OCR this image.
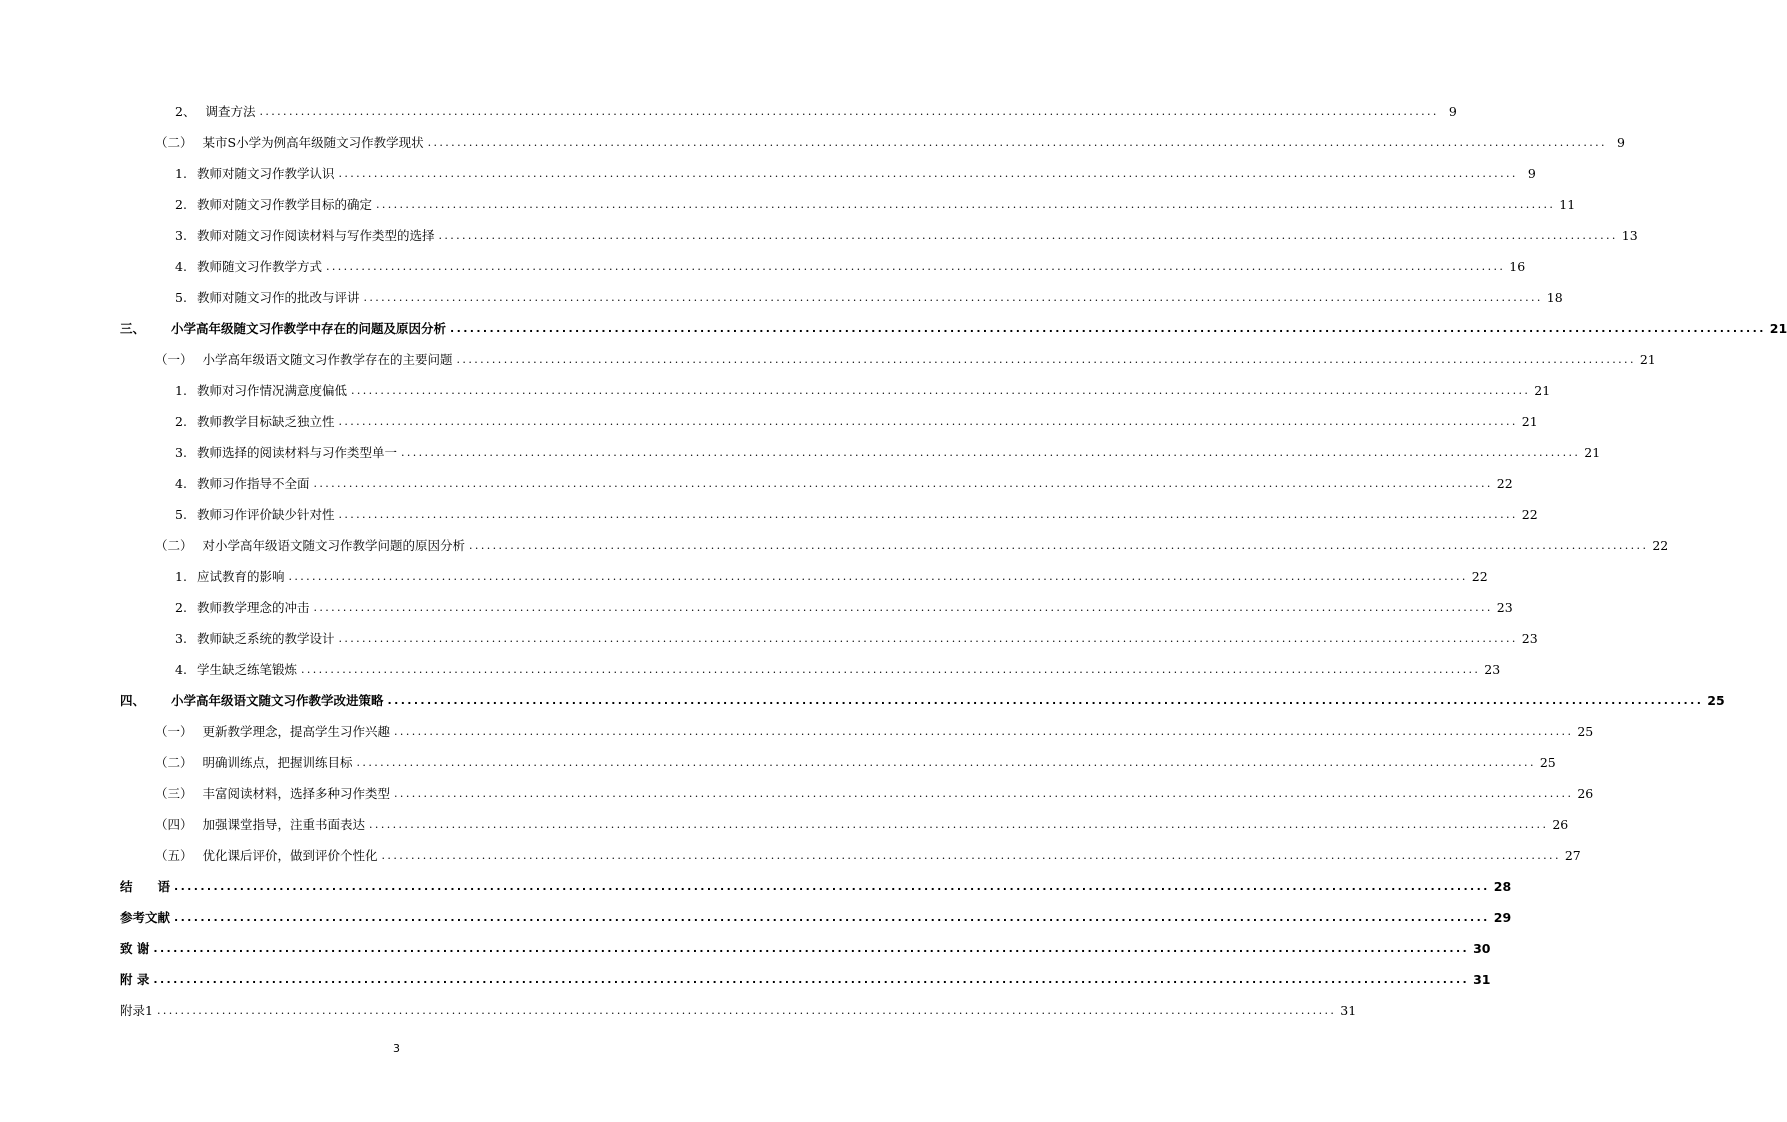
2、 调查方法 ........................................................................................................................................................................................................ 9
（二） 某市S小学为例高年级随文习作教学现状 ........................................................................................................................................................................................................ 9
1. 教师对随文习作教学认识 ........................................................................................................................................................................................................ 9
2. 教师对随文习作教学目标的确定 ........................................................................................................................................................................................................ 11
3. 教师对随文习作阅读材料与写作类型的选择 ........................................................................................................................................................................................................ 13
4. 教师随文习作教学方式 ........................................................................................................................................................................................................ 16
5. 教师对随文习作的批改与评讲 ........................................................................................................................................................................................................ 18
三、 小学高年级随文习作教学中存在的问题及原因分析 ........................................................................................................................................................................................................ 21
（一） 小学高年级语文随文习作教学存在的主要问题 ........................................................................................................................................................................................................ 21
1. 教师对习作情况满意度偏低 ........................................................................................................................................................................................................ 21
2. 教师教学目标缺乏独立性 ........................................................................................................................................................................................................ 21
3. 教师选择的阅读材料与习作类型单一 ........................................................................................................................................................................................................ 21
4. 教师习作指导不全面 ........................................................................................................................................................................................................ 22
5. 教师习作评价缺少针对性 ........................................................................................................................................................................................................ 22
（二） 对小学高年级语文随文习作教学问题的原因分析 ........................................................................................................................................................................................................ 22
1. 应试教育的影响 ........................................................................................................................................................................................................ 22
2. 教师教学理念的冲击 ........................................................................................................................................................................................................ 23
3. 教师缺乏系统的教学设计 ........................................................................................................................................................................................................ 23
4. 学生缺乏练笔锻炼 ........................................................................................................................................................................................................ 23
四、 小学高年级语文随文习作教学改进策略 ........................................................................................................................................................................................................ 25
（一） 更新教学理念，提高学生习作兴趣 ........................................................................................................................................................................................................ 25
（二） 明确训练点，把握训练目标 ........................................................................................................................................................................................................ 25
（三） 丰富阅读材料，选择多种习作类型 ........................................................................................................................................................................................................ 26
（四） 加强课堂指导，注重书面表达 ........................................................................................................................................................................................................ 26
（五） 优化课后评价，做到评价个性化 ........................................................................................................................................................................................................ 27
结　　语 ........................................................................................................................................................................................................ 28
参考文献 ........................................................................................................................................................................................................ 29
致 谢 ........................................................................................................................................................................................................ 30
附 录 ........................................................................................................................................................................................................ 31
附录1 ........................................................................................................................................................................................................ 31
3
